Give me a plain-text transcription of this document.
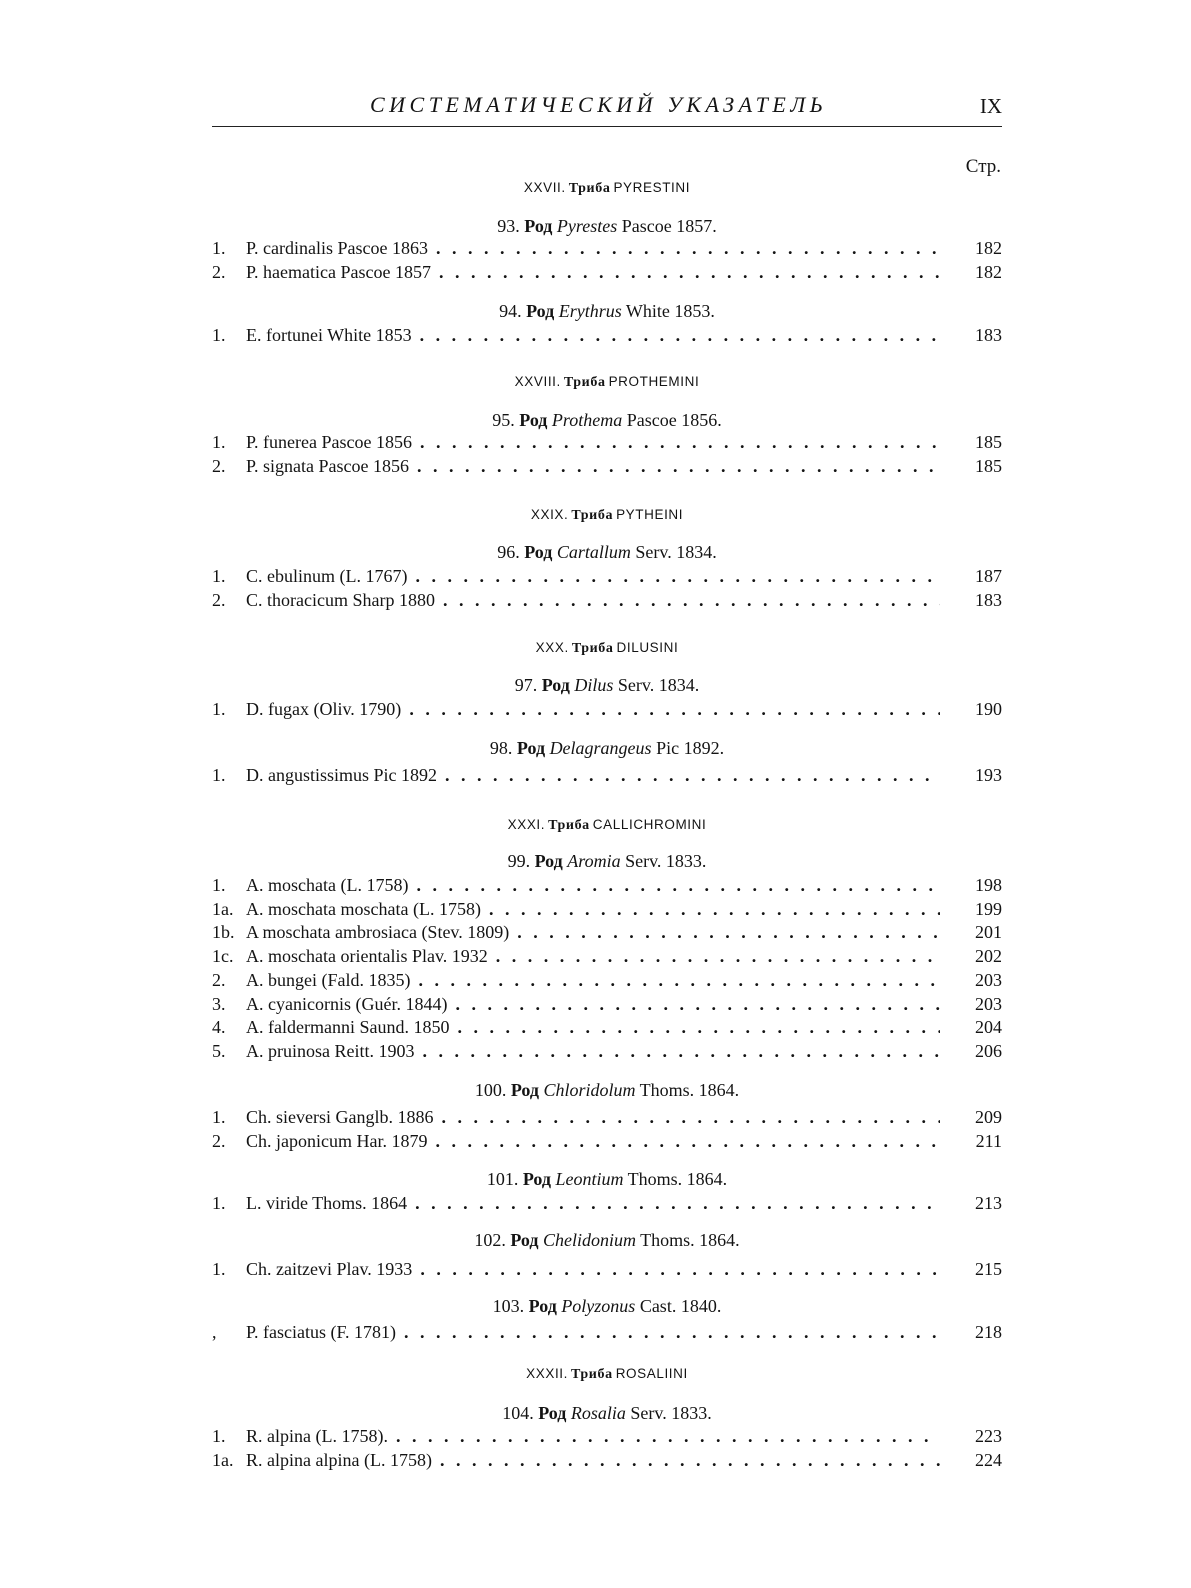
СИСТЕМАТИЧЕСКИЙ УКАЗАТЕЛЬ	IX
Стр.
XXVII. Триба PYRESTINI
93. Род Pyrestes Pascoe 1857.
1.	P. cardinalis Pascoe 1863 . . .	182
2.	P. haematica Pascoe 1857 . . .	182
94. Род Erythrus White 1853.
1.	E. fortunei White 1853 . . .	183
XXVIII. Триба PROTHEMINI
95. Род Prothema Pascoe 1856.
1.	P. funerea Pascoe 1856 . . .	185
2.	P. signata Pascoe 1856 . . .	185
XXIX. Триба PYTHEINI
96. Род Cartallum Serv. 1834.
1.	C. ebulinum (L. 1767) . . .	187
2.	C. thoracicum Sharp 1880 . . .	183
XXX. Триба DILUSINI
97. Род Dilus Serv. 1834.
1.	D. fugax (Oliv. 1790) . . .	190
98. Род Delagrangeus Pic 1892.
1.	D. angustissimus Pic 1892 . . .	193
XXXI. Триба CALLICHROMINI
99. Род Aromia Serv. 1833.
1.	A. moschata (L. 1758) . . .	198
1a. A. moschata moschata (L. 1758) . . .	199
1b. A moschata ambrosiaca (Stev. 1809) . . .	201
1c. A. moschata orientalis Plav. 1932 . . .	202
2.	A. bungei (Fald. 1835) . . .	203
3.	A. cyanicornis (Guér. 1844) . . .	203
4.	A. faldermanni Saund. 1850 . . .	204
5.	A. pruinosa Reitt. 1903 . . .	206
100. Род Chloridolum Thoms. 1864.
1.	Ch. sieversi Ganglb. 1886 . . .	209
2.	Ch. japonicum Har. 1879 . . .	211
101. Род Leontium Thoms. 1864.
1.	L. viride Thoms. 1864 . . .	213
102. Род Chelidonium Thoms. 1864.
1.	Ch. zaitzevi Plav. 1933 . . .	215
103. Род Polyzonus Cast. 1840.
,	P. fasciatus (F. 1781) . . .	218
XXXII. Триба ROSALIINI
104. Род Rosalia Serv. 1833.
1.	R. alpina (L. 1758). . . .	223
1a. R. alpina alpina (L. 1758) . . .	224
